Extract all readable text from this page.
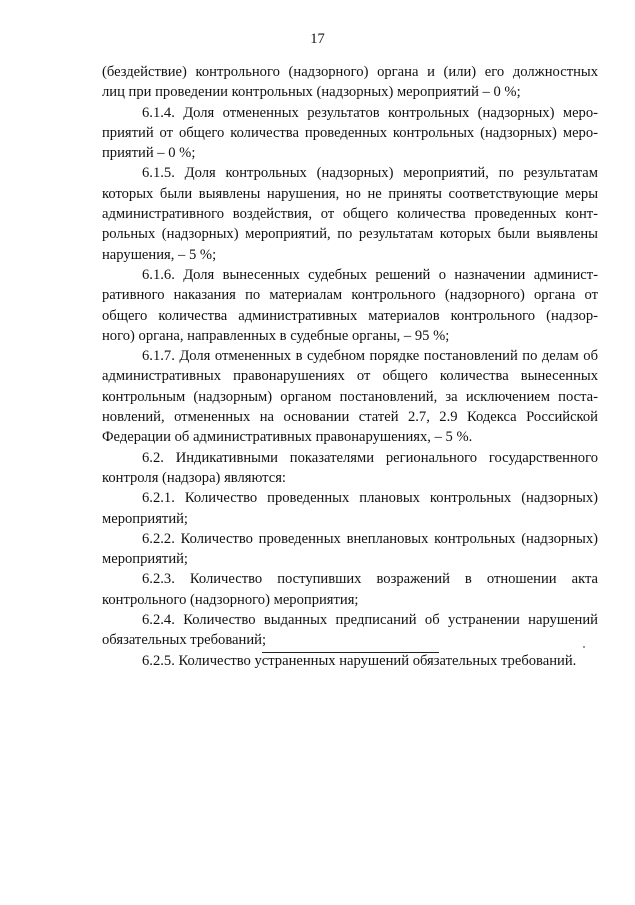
17
(бездействие) контрольного (надзорного) органа и (или) его должностных
лиц при проведении контрольных (надзорных) мероприятий – 0 %;
6.1.4. Доля отмененных результатов контрольных (надзорных) меро-
приятий от общего количества проведенных контрольных (надзорных) меро-
приятий – 0 %;
6.1.5. Доля контрольных (надзорных) мероприятий, по результатам
которых были выявлены нарушения, но не приняты соответствующие меры
административного воздействия, от общего количества проведенных конт-
рольных (надзорных) мероприятий, по результатам которых были выявлены
нарушения, – 5 %;
6.1.6. Доля вынесенных судебных решений о назначении админист-
ративного наказания по материалам контрольного (надзорного) органа от
общего количества административных материалов контрольного (надзор-
ного) органа, направленных в судебные органы, – 95 %;
6.1.7. Доля отмененных в судебном порядке постановлений по делам об
административных правонарушениях от общего количества вынесенных
контрольным (надзорным) органом постановлений, за исключением поста-
новлений, отмененных на основании статей 2.7, 2.9 Кодекса Российской
Федерации об административных правонарушениях, – 5 %.
6.2. Индикативными показателями регионального государственного
контроля (надзора) являются:
6.2.1. Количество проведенных плановых контрольных (надзорных)
мероприятий;
6.2.2. Количество проведенных внеплановых контрольных (надзорных)
мероприятий;
6.2.3. Количество поступивших возражений в отношении акта
контрольного (надзорного) мероприятия;
6.2.4. Количество выданных предписаний об устранении нарушений
обязательных требований;
6.2.5. Количество устраненных нарушений обязательных требований.
